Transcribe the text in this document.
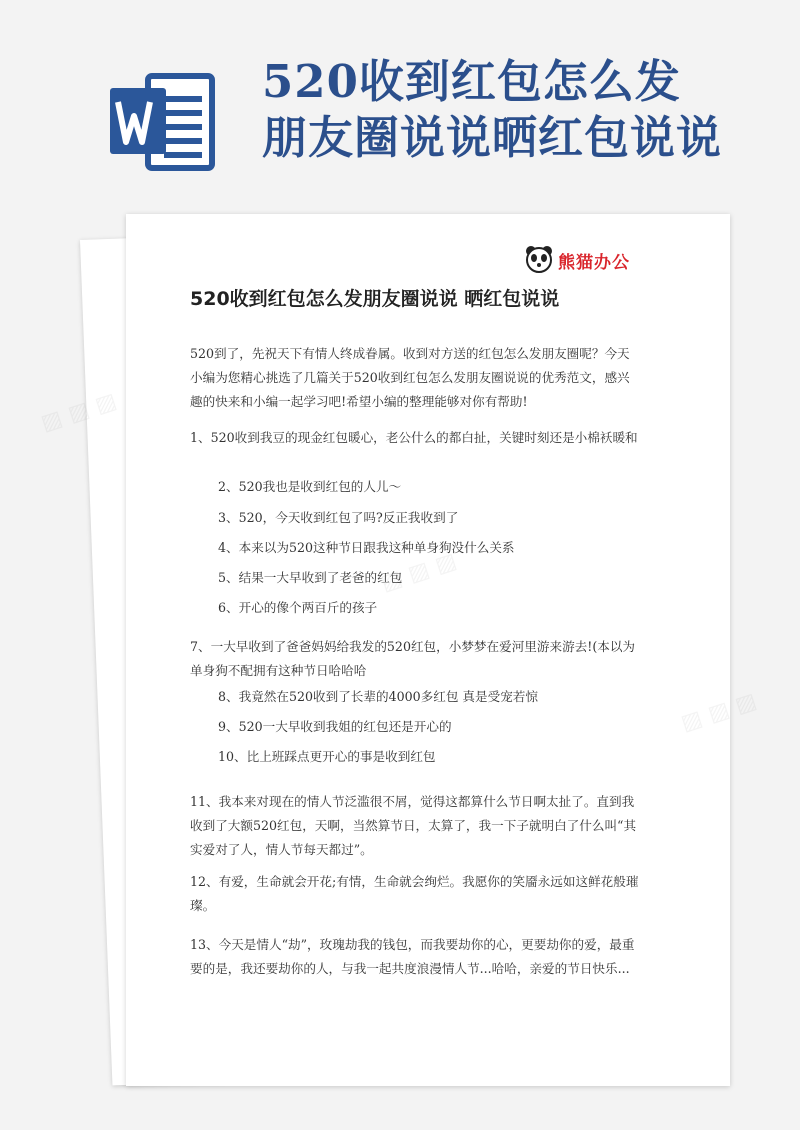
520收到红包怎么发
朋友圈说说晒红包说说
▨ ▨ ▨
▨
熊猫办公
520收到红包怎么发朋友圈说说 晒红包说说
520到了，先祝天下有情人终成眷属。收到对方送的红包怎么发朋友圈呢？今天小编为您精心挑选了几篇关于520收到红包怎么发朋友圈说说的优秀范文，感兴趣的快来和小编一起学习吧!希望小编的整理能够对你有帮助!
1、520收到我豆的现金红包暖心，老公什么的都白扯，关键时刻还是小棉袄暖和
2、520我也是收到红包的人儿～
3、520，今天收到红包了吗?反正我收到了
4、本来以为520这种节日跟我这种单身狗没什么关系
5、结果一大早收到了老爸的红包
6、开心的像个两百斤的孩子
7、一大早收到了爸爸妈妈给我发的520红包，小梦梦在爱河里游来游去!(本以为单身狗不配拥有这种节日哈哈哈
8、我竟然在520收到了长辈的4000多红包 真是受宠若惊
9、520一大早收到我姐的红包还是开心的
10、比上班踩点更开心的事是收到红包
11、我本来对现在的情人节泛滥很不屑，觉得这都算什么节日啊太扯了。直到我收到了大额520红包，天啊，当然算节日，太算了，我一下子就明白了什么叫“其实爱对了人，情人节每天都过”。
12、有爱，生命就会开花;有情，生命就会绚烂。我愿你的笑靥永远如这鲜花般璀璨。
13、今天是情人“劫”，玫瑰劫我的钱包，而我要劫你的心，更要劫你的爱，最重要的是，我还要劫你的人，与我一起共度浪漫情人节...哈哈，亲爱的节日快乐...
